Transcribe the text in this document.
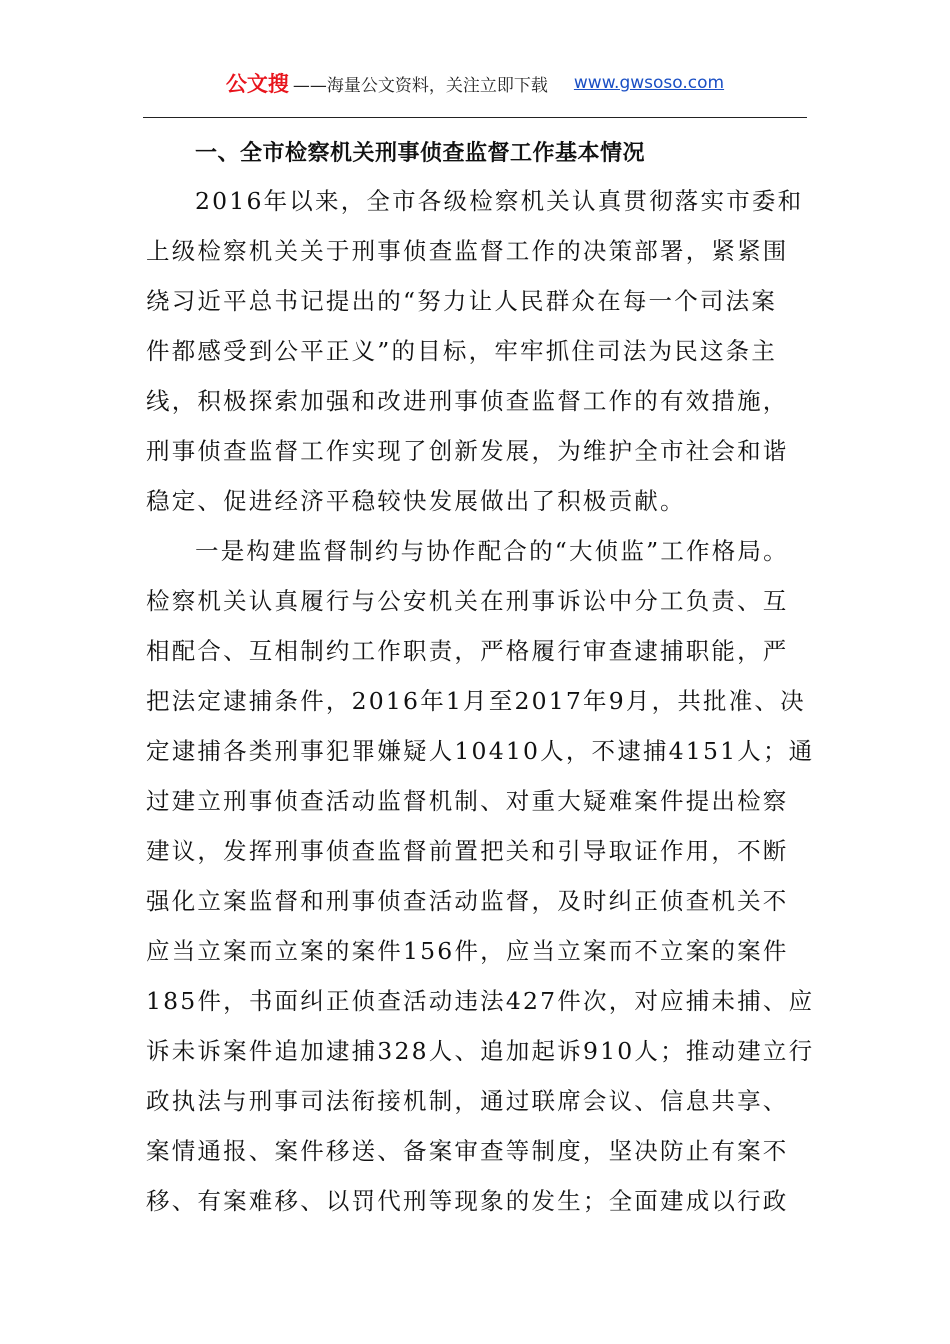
公文搜 ——海量公文资料，关注立即下载 www.gwsoso.com
一、全市检察机关刑事侦查监督工作基本情况

2016年以来，全市各级检察机关认真贯彻落实市委和
上级检察机关关于刑事侦查监督工作的决策部署，紧紧围
绕习近平总书记提出的“努力让人民群众在每一个司法案
件都感受到公平正义”的目标，牢牢抓住司法为民这条主
线，积极探索加强和改进刑事侦查监督工作的有效措施，
刑事侦查监督工作实现了创新发展，为维护全市社会和谐
稳定、促进经济平稳较快发展做出了积极贡献。

一是构建监督制约与协作配合的“大侦监”工作格局。
检察机关认真履行与公安机关在刑事诉讼中分工负责、互
相配合、互相制约工作职责，严格履行审查逮捕职能，严
把法定逮捕条件，2016年1月至2017年9月，共批准、决
定逮捕各类刑事犯罪嫌疑人10410人，不逮捕4151人；通
过建立刑事侦查活动监督机制、对重大疑难案件提出检察
建议，发挥刑事侦查监督前置把关和引导取证作用，不断
强化立案监督和刑事侦查活动监督，及时纠正侦查机关不
应当立案而立案的案件156件，应当立案而不立案的案件
185件，书面纠正侦查活动违法427件次，对应捕未捕、应
诉未诉案件追加逮捕328人、追加起诉910人；推动建立行
政执法与刑事司法衔接机制，通过联席会议、信息共享、
案情通报、案件移送、备案审查等制度，坚决防止有案不
移、有案难移、以罚代刑等现象的发生；全面建成以行政
